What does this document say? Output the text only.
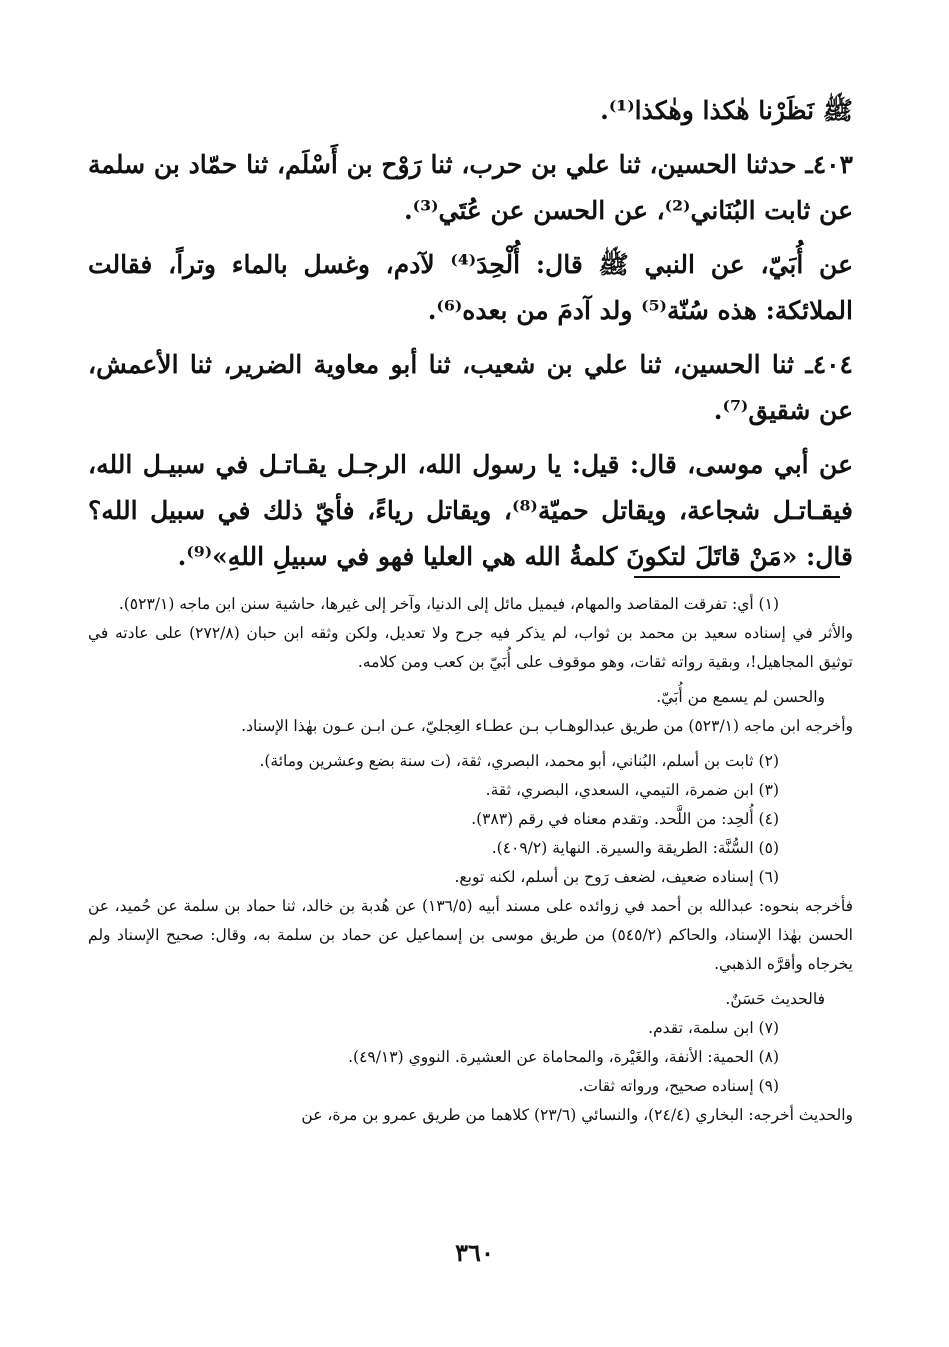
ﷺ نَظَرْنا هٰكذا وهٰكذا⁽¹⁾.

٤٠٣ـ حدثنا الحسين، ثنا علي بن حرب، ثنا رَوْح بن أَسْلَم، ثنا حمّاد بن سلمة عن ثابت البُنَاني⁽²⁾، عن الحسن عن عُتَي⁽³⁾.

عن أُبَيّ، عن النبي ﷺ قال: أُلْحِدَ⁽⁴⁾ لآدم، وغسل بالماء وتراً، فقالت الملائكة: هذه سُنّة⁽⁵⁾ ولد آدمَ من بعده⁽⁶⁾.

٤٠٤ـ ثنا الحسين، ثنا علي بن شعيب، ثنا أبو معاوية الضرير، ثنا الأعمش، عن شقيق⁽⁷⁾.

عن أبي موسى، قال: قيل: يا رسول الله، الرجـل يقـاتـل في سبيـل الله، فيقـاتـل شجاعة، ويقاتل حميّة⁽⁸⁾، ويقاتل رياءً، فأيّ ذلك في سبيل الله؟ قال: «مَنْ قاتَلَ لتكونَ كلمةُ الله هي العليا فهو في سبيلِ اللهِ»⁽⁹⁾.

(١) أي: تفرقت المقاصد والمهام، فيميل مائل إلى الدنيا، وآخر إلى غيرها، حاشية سنن ابن ماجه (٥٢٣/١).

والأثر في إسناده سعيد بن محمد بن ثواب، لم يذكر فيه جرح ولا تعديل، ولكن وثقه ابن حبان (٢٧٢/٨) على عادته في توثيق المجاهيل!، وبقية رواته ثقات، وهو موقوف على أُبَيّ بن كعب ومن كلامه.

والحسن لم يسمع من أُبَيّ.

وأخرجه ابن ماجه (٥٢٣/١) من طريق عبدالوهـاب بـن عطـاء العِجليّ، عـن ابـن عـون بهٰذا الإسناد.

(٢) ثابت بن أسلم، البُناني، أبو محمد، البصري، ثقة، (ت سنة بضع وعشرين ومائة).

(٣) ابن ضمرة، التيمي، السعدي، البصري، ثقة.

(٤) أُلحِد: من اللَّحد. وتقدم معناه في رقم (٣٨٣).

(٥) السُّنَّة: الطريقة والسيرة. النهاية (٤٠٩/٢).

(٦) إسناده ضعيف، لضعف رَوح بن أسلم، لكنه توبع.

فأخرجه بنحوه: عبدالله بن أحمد في زوائده على مسند أبيه (١٣٦/٥) عن هُدبة بن خالد، ثنا حماد بن سلمة عن حُميد، عن الحسن بهٰذا الإسناد، والحاكم (٥٤٥/٢) من طريق موسى بن إسماعيل عن حماد بن سلمة به، وقال: صحيح الإسناد ولم يخرجاه وأقرَّه الذهبي.

فالحديث حَسَنٌ.

(٧) ابن سلمة، تقدم.

(٨) الحمية: الأنفة، والغَيْرة، والمحاماة عن العشيرة. النووي (٤٩/١٣).

(٩) إسناده صحيح، ورواته ثقات.

والحديث أخرجه: البخاري (٢٤/٤)، والنسائي (٢٣/٦) كلاهما من طريق عمرو بن مرة، عن

٣٦٠
